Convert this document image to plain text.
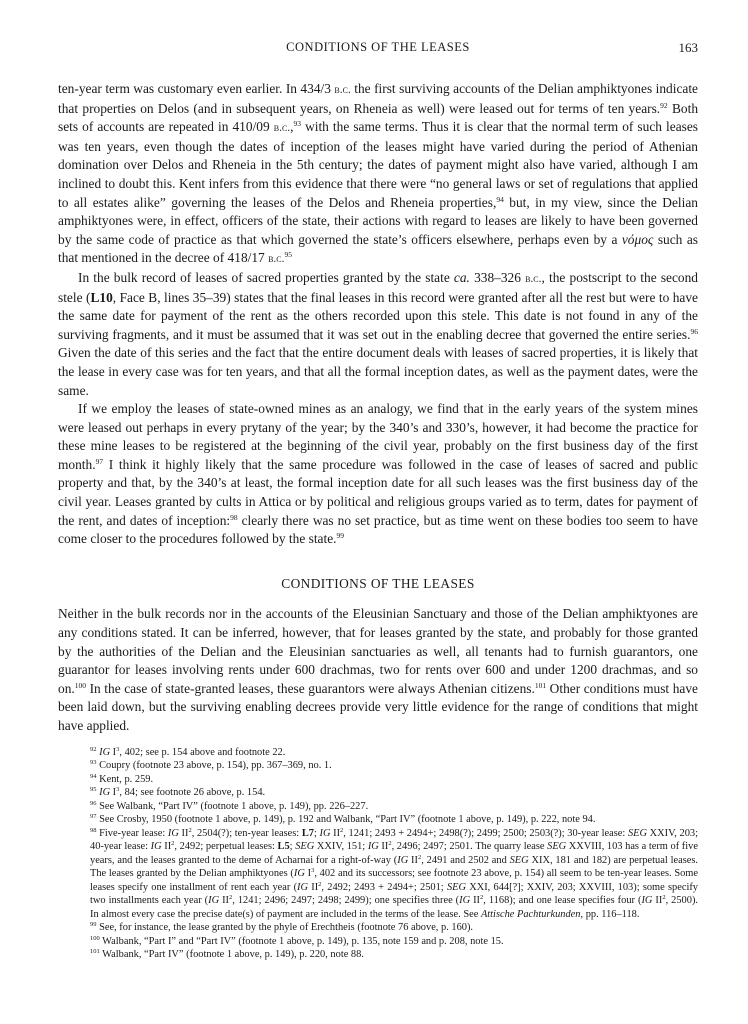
CONDITIONS OF THE LEASES	163

ten-year term was customary even earlier. In 434/3 b.c. the first surviving accounts of the Delian amphiktyones indicate that properties on Delos (and in subsequent years, on Rheneia as well) were leased out for terms of ten years.$^{92}$ Both sets of accounts are repeated in 410/09 b.c.,$^{93}$ with the same terms. Thus it is clear that the normal term of such leases was ten years, even though the dates of inception of the leases might have varied during the period of Athenian domination over Delos and Rheneia in the 5th century; the dates of payment might also have varied, although I am inclined to doubt this. Kent infers from this evidence that there were “no general laws or set of regulations that applied to all estates alike” governing the leases of the Delos and Rheneia properties,$^{94}$ but, in my view, since the Delian amphiktyones were, in effect, officers of the state, their actions with regard to leases are likely to have been governed by the same code of practice as that which governed the state’s officers elsewhere, perhaps even by a νόμος such as that mentioned in the decree of 418/17 b.c.$^{95}$

In the bulk record of leases of sacred properties granted by the state ca. 338–326 b.c., the postscript to the second stele (L10, Face B, lines 35–39) states that the final leases in this record were granted after all the rest but were to have the same date for payment of the rent as the others recorded upon this stele. This date is not found in any of the surviving fragments, and it must be assumed that it was set out in the enabling decree that governed the entire series.$^{96}$ Given the date of this series and the fact that the entire document deals with leases of sacred properties, it is likely that the lease in every case was for ten years, and that all the formal inception dates, as well as the payment dates, were the same.

If we employ the leases of state-owned mines as an analogy, we find that in the early years of the system mines were leased out perhaps in every prytany of the year; by the 340’s and 330’s, however, it had become the practice for these mine leases to be registered at the beginning of the civil year, probably on the first business day of the first month.$^{97}$ I think it highly likely that the same procedure was followed in the case of leases of sacred and public property and that, by the 340’s at least, the formal inception date for all such leases was the first business day of the civil year. Leases granted by cults in Attica or by political and religious groups varied as to term, dates for payment of the rent, and dates of inception:$^{98}$ clearly there was no set practice, but as time went on these bodies too seem to have come closer to the procedures followed by the state.$^{99}$

CONDITIONS OF THE LEASES

Neither in the bulk records nor in the accounts of the Eleusinian Sanctuary and those of the Delian amphiktyones are any conditions stated. It can be inferred, however, that for leases granted by the state, and probably for those granted by the authorities of the Delian and the Eleusinian sanctuaries as well, all tenants had to furnish guarantors, one guarantor for leases involving rents under 600 drachmas, two for rents over 600 and under 1200 drachmas, and so on.$^{100}$ In the case of state-granted leases, these guarantors were always Athenian citizens.$^{101}$ Other conditions must have been laid down, but the surviving enabling decrees provide very little evidence for the range of conditions that might have applied.

$^{92}$ IG $I^3$, 402; see p. 154 above and footnote 22.

$^{93}$ Coupry (footnote 23 above, p. 154), pp. 367–369, no. 1.

$^{94}$ Kent, p. 259.

$^{95}$ IG $I^3$, 84; see footnote 26 above, p. 154.

$^{96}$ See Walbank, “Part IV” (footnote 1 above, p. 149), pp. 226–227.

$^{97}$ See Crosby, 1950 (footnote 1 above, p. 149), p. 192 and Walbank, “Part IV” (footnote 1 above, p. 149), p. 222, note 94.

$^{98}$ Five-year lease: IG $II^2$, 2504(?); ten-year leases: L7; IG $II^2$, 1241; 2493 + 2494+; 2498(?); 2499; 2500; 2503(?); 30-year lease: SEG XXIV, 203; 40-year lease: IG $II^2$, 2492; perpetual leases: L5; SEG XXIV, 151; IG $II^2$, 2496; 2497; 2501. The quarry lease SEG XXVIII, 103 has a term of five years, and the leases granted to the deme of Acharnai for a right-of-way (IG $II^2$, 2491 and 2502 and SEG XIX, 181 and 182) are perpetual leases. The leases granted by the Delian amphiktyones (IG $I^3$, 402 and its successors; see footnote 23 above, p. 154) all seem to be ten-year leases. Some leases specify one installment of rent each year (IG $II^2$, 2492; 2493 + 2494+; 2501; SEG XXI, 644[?]; XXIV, 203; XXVIII, 103); some specify two installments each year (IG $II^2$, 1241; 2496; 2497; 2498; 2499); one specifies three (IG $II^2$, 1168); and one lease specifies four (IG $II^2$, 2500). In almost every case the precise date(s) of payment are included in the terms of the lease. See Attische Pachturkunden, pp. 116–118.

$^{99}$ See, for instance, the lease granted by the phyle of Erechtheis (footnote 76 above, p. 160).

$^{100}$ Walbank, “Part I” and “Part IV” (footnote 1 above, p. 149), p. 135, note 159 and p. 208, note 15.

$^{101}$ Walbank, “Part IV” (footnote 1 above, p. 149), p. 220, note 88.
